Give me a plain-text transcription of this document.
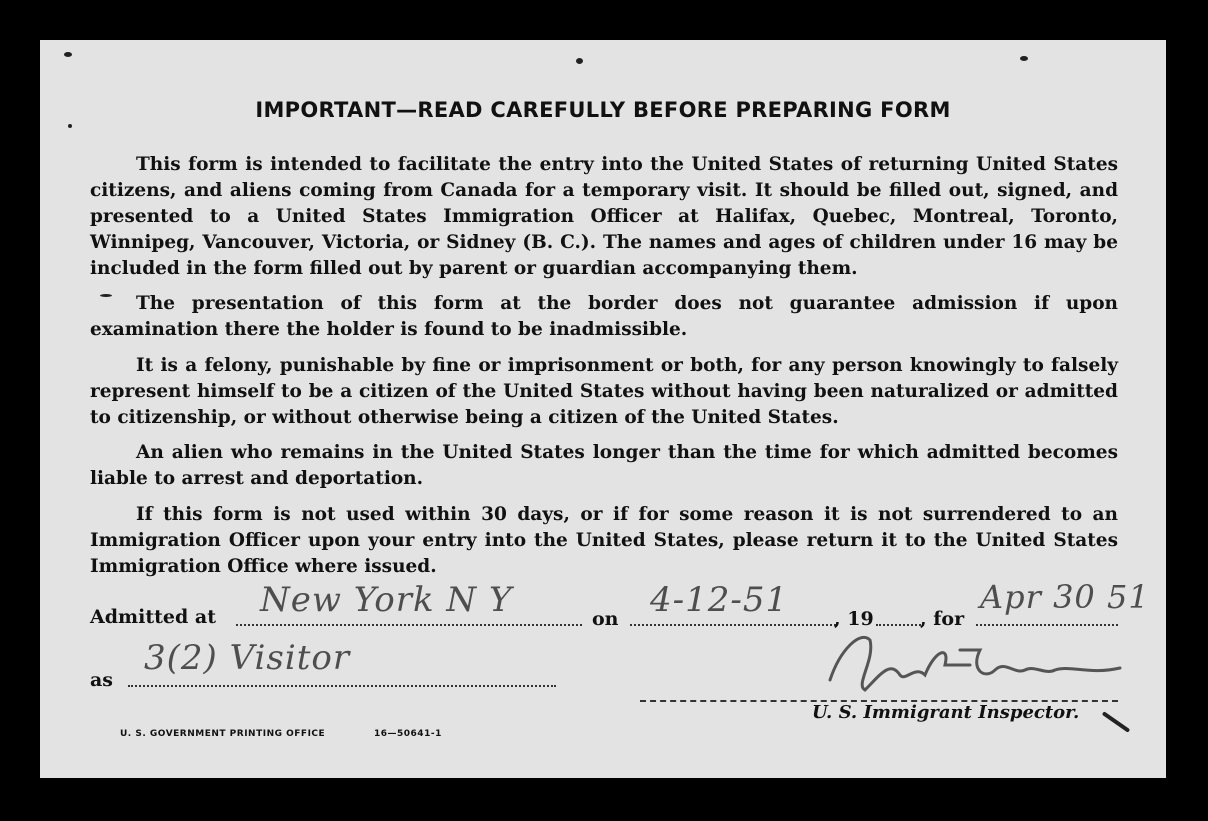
IMPORTANT—READ CAREFULLY BEFORE PREPARING FORM

This form is intended to facilitate the entry into the United States of returning United States citizens, and aliens coming from Canada for a temporary visit. It should be filled out, signed, and presented to a United States Immigration Officer at Halifax, Quebec, Montreal, Toronto, Winnipeg, Vancouver, Victoria, or Sidney (B. C.). The names and ages of children under 16 may be included in the form filled out by parent or guardian accompanying them.

The presentation of this form at the border does not guarantee admission if upon examination there the holder is found to be inadmissible.

It is a felony, punishable by fine or imprisonment or both, for any person knowingly to falsely represent himself to be a citizen of the United States without having been naturalized or admitted to citizenship, or without otherwise being a citizen of the United States.

An alien who remains in the United States longer than the time for which admitted becomes liable to arrest and deportation.

If this form is not used within 30 days, or if for some reason it is not surrendered to an Immigration Officer upon your entry into the United States, please return it to the United States Immigration Office where issued.

Admitted at New York N Y	on 4-12-51 , 19 , for
Apr 30 51
as
3(2) Visitor
U. S. Immigrant Inspector.
U. S. GOVERNMENT PRINTING OFFICE	16—50641-1
